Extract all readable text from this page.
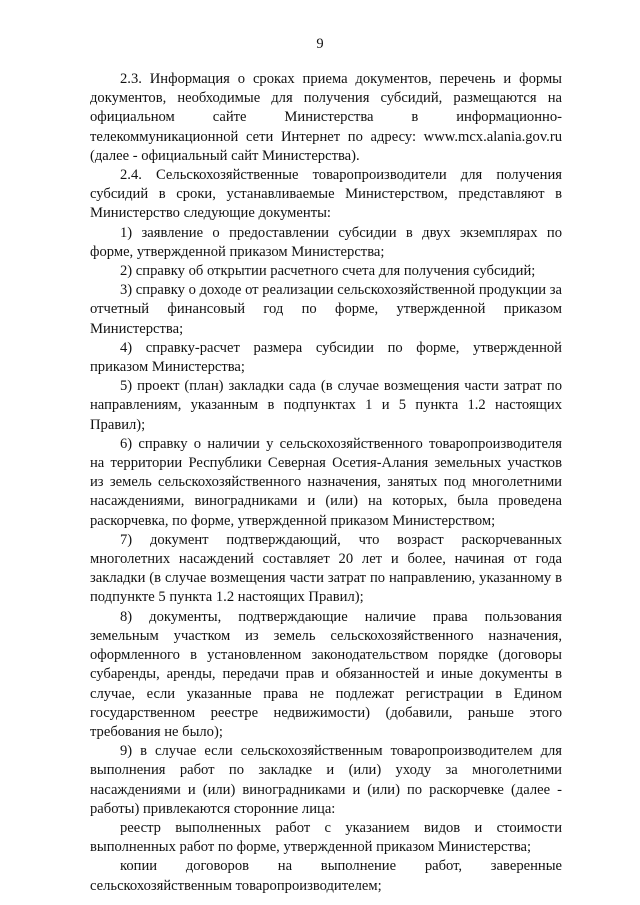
9

2.3. Информация о сроках приема документов, перечень и формы документов, необходимые для получения субсидий, размещаются на официальном сайте Министерства в информационно-телекоммуникационной сети Интернет по адресу: www.mcx.alania.gov.ru (далее - официальный сайт Министерства).

2.4. Сельскохозяйственные товаропроизводители для получения субсидий в сроки, устанавливаемые Министерством, представляют в Министерство следующие документы:

1) заявление о предоставлении субсидии в двух экземплярах по форме, утвержденной приказом Министерства;

2) справку об открытии расчетного счета для получения субсидий;

3) справку о доходе от реализации сельскохозяйственной продукции за отчетный финансовый год по форме, утвержденной приказом Министерства;

4) справку-расчет размера субсидии по форме, утвержденной приказом Министерства;

5) проект (план) закладки сада (в случае возмещения части затрат по направлениям, указанным в подпунктах 1 и 5 пункта 1.2 настоящих Правил);

6) справку о наличии у сельскохозяйственного товаропроизводителя на территории Республики Северная Осетия-Алания земельных участков из земель сельскохозяйственного назначения, занятых под многолетними насаждениями, виноградниками и (или) на которых, была проведена раскорчевка, по форме, утвержденной приказом Министерством;

7) документ подтверждающий, что возраст раскорчеванных многолетних насаждений составляет 20 лет и более, начиная от года закладки (в случае возмещения части затрат по направлению, указанному в подпункте 5 пункта 1.2 настоящих Правил);

8) документы, подтверждающие наличие права пользования земельным участком из земель сельскохозяйственного назначения, оформленного в установленном законодательством порядке (договоры субаренды, аренды, передачи прав и обязанностей и иные документы в случае, если указанные права не подлежат регистрации в Едином государственном реестре недвижимости) (добавили, раньше этого требования не было);

9) в случае если сельскохозяйственным товаропроизводителем для выполнения работ по закладке и (или) уходу за многолетними насаждениями и (или) виноградниками и (или) по раскорчевке (далее - работы) привлекаются сторонние лица:

реестр выполненных работ с указанием видов и стоимости выполненных работ по форме, утвержденной приказом Министерства;

копии договоров на выполнение работ, заверенные сельскохозяйственным товаропроизводителем;
